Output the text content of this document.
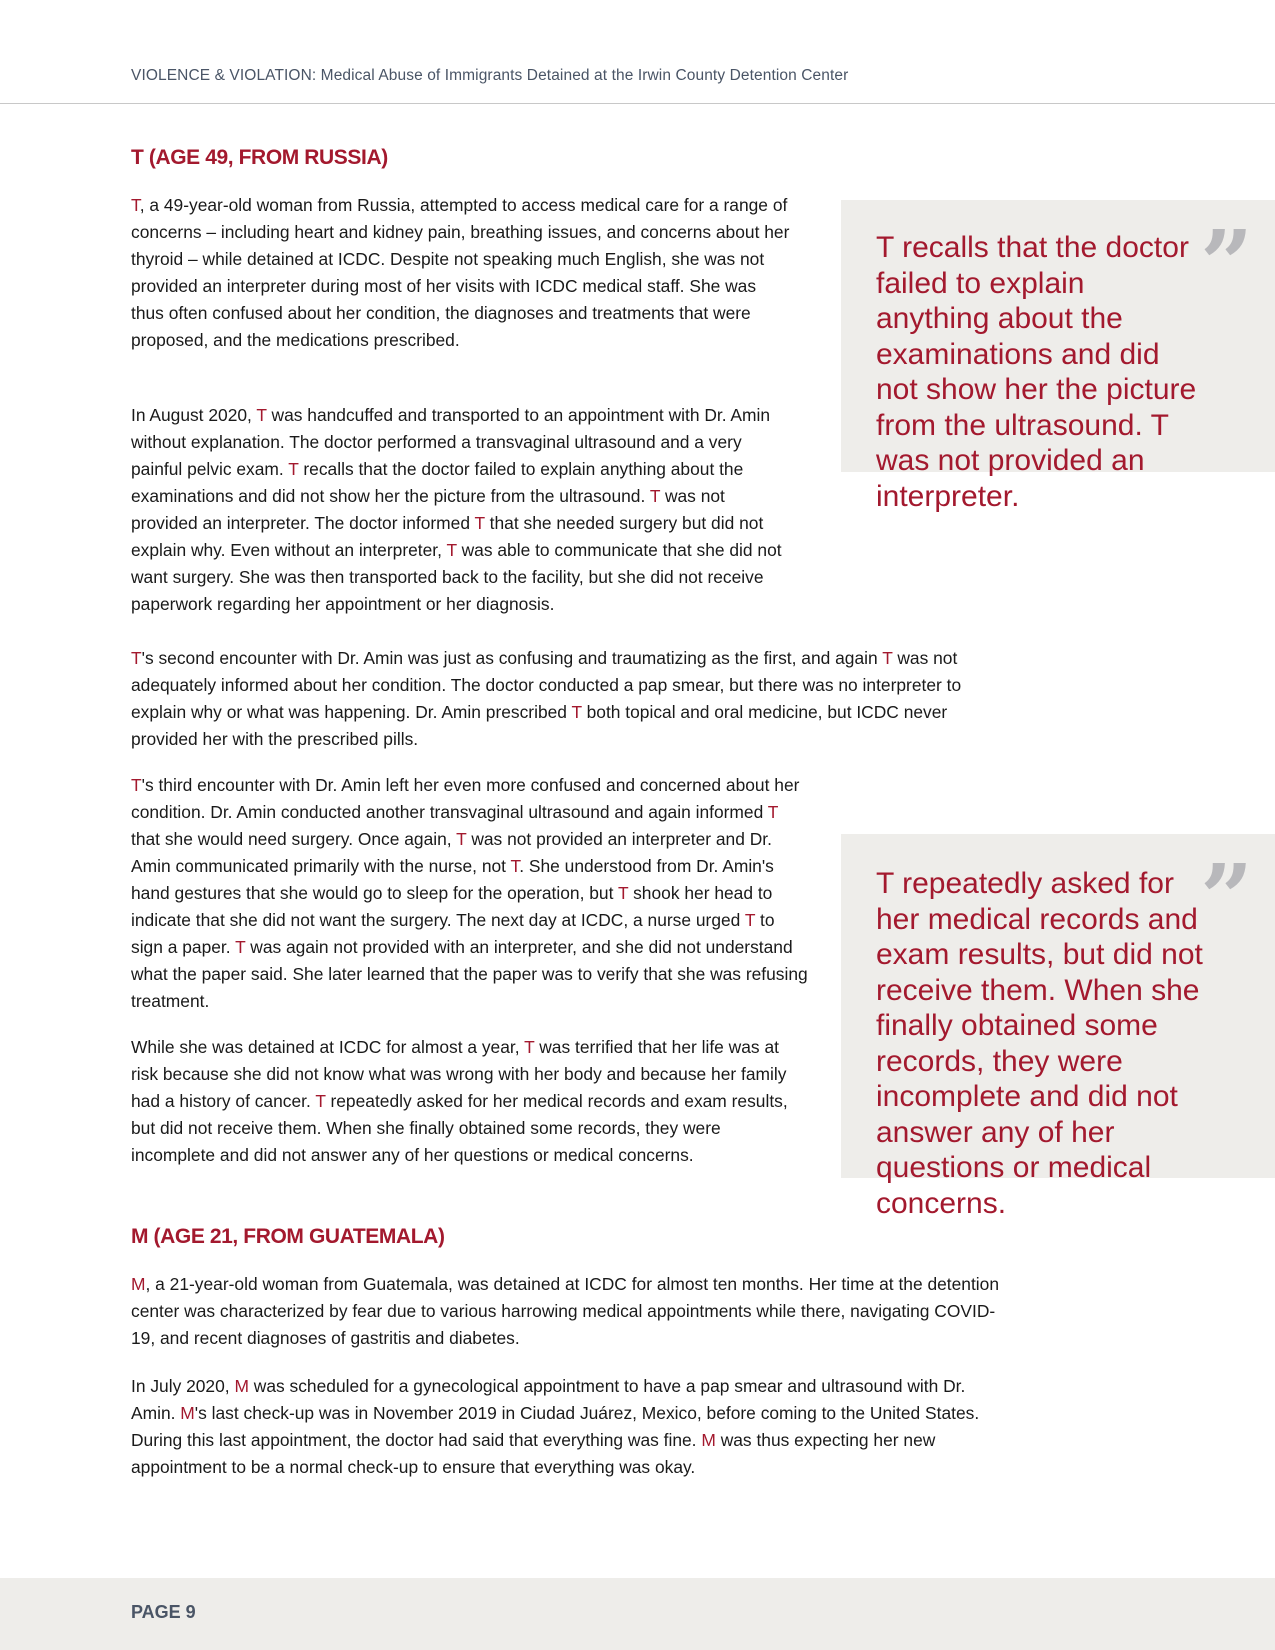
VIOLENCE & VIOLATION: Medical Abuse of Immigrants Detained at the Irwin County Detention Center
T (AGE 49, FROM RUSSIA)

T, a 49-year-old woman from Russia, attempted to access medical care for a range of concerns – including heart and kidney pain, breathing issues, and concerns about her thyroid – while detained at ICDC. Despite not speaking much English, she was not provided an interpreter during most of her visits with ICDC medical staff. She was thus often confused about her condition, the diagnoses and treatments that were proposed, and the medications prescribed.

In August 2020, T was handcuffed and transported to an appointment with Dr. Amin without explanation. The doctor performed a transvaginal ultrasound and a very painful pelvic exam. T recalls that the doctor failed to explain anything about the examinations and did not show her the picture from the ultrasound. T was not provided an interpreter. The doctor informed T that she needed surgery but did not explain why. Even without an interpreter, T was able to communicate that she did not want surgery. She was then transported back to the facility, but she did not receive paperwork regarding her appointment or her diagnosis.

T's second encounter with Dr. Amin was just as confusing and traumatizing as the first, and again T was not adequately informed about her condition. The doctor conducted a pap smear, but there was no interpreter to explain why or what was happening. Dr. Amin prescribed T both topical and oral medicine, but ICDC never provided her with the prescribed pills.

T's third encounter with Dr. Amin left her even more confused and concerned about her condition. Dr. Amin conducted another transvaginal ultrasound and again informed T that she would need surgery. Once again, T was not provided an interpreter and Dr. Amin communicated primarily with the nurse, not T. She understood from Dr. Amin's hand gestures that she would go to sleep for the operation, but T shook her head to indicate that she did not want the surgery. The next day at ICDC, a nurse urged T to sign a paper. T was again not provided with an interpreter, and she did not understand what the paper said. She later learned that the paper was to verify that she was refusing treatment.

While she was detained at ICDC for almost a year, T was terrified that her life was at risk because she did not know what was wrong with her body and because her family had a history of cancer. T repeatedly asked for her medical records and exam results, but did not receive them. When she finally obtained some records, they were incomplete and did not answer any of her questions or medical concerns.

M (AGE 21, FROM GUATEMALA)

M, a 21-year-old woman from Guatemala, was detained at ICDC for almost ten months. Her time at the detention center was characterized by fear due to various harrowing medical appointments while there, navigating COVID-19, and recent diagnoses of gastritis and diabetes.

In July 2020, M was scheduled for a gynecological appointment to have a pap smear and ultrasound with Dr. Amin. M's last check-up was in November 2019 in Ciudad Juárez, Mexico, before coming to the United States. During this last appointment, the doctor had said that everything was fine. M was thus expecting her new appointment to be a normal check-up to ensure that everything was okay.

T recalls that the doctor failed to explain anything about the examinations and did not show her the picture from the ultrasound. T was not provided an interpreter.

”

T repeatedly asked for her medical records and exam results, but did not receive them. When she finally obtained some records, they were incomplete and did not answer any of her questions or medical concerns.

”
PAGE 9
